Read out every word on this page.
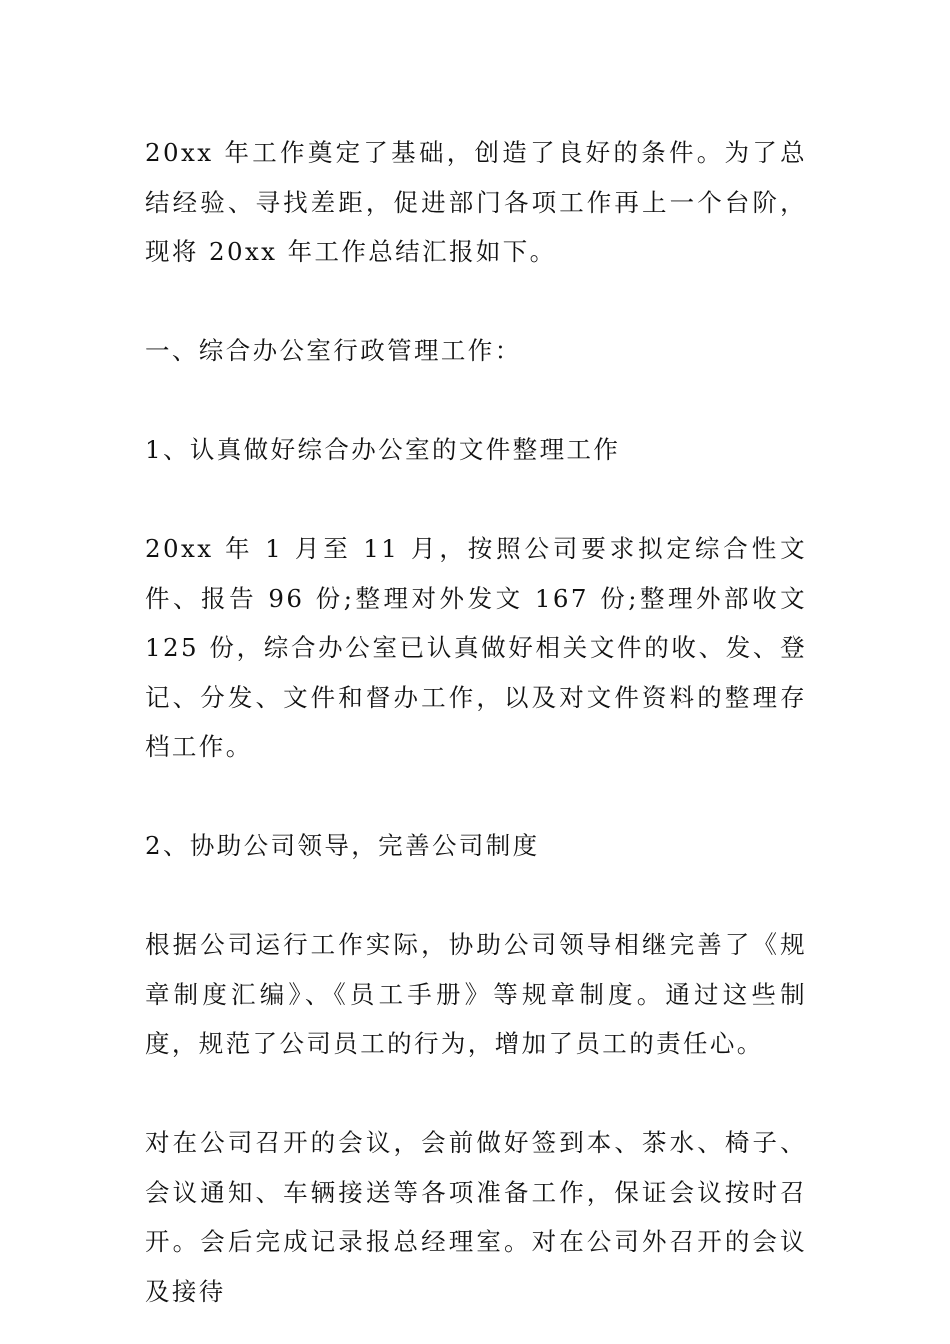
20xx 年工作奠定了基础，创造了良好的条件。为了总结经验、寻找差距，促进部门各项工作再上一个台阶，现将 20xx 年工作总结汇报如下。

一、综合办公室行政管理工作：

1、认真做好综合办公室的文件整理工作

20xx 年 1 月至 11 月，按照公司要求拟定综合性文件、报告 96 份;整理对外发文 167 份;整理外部收文 125 份，综合办公室已认真做好相关文件的收、发、登记、分发、文件和督办工作，以及对文件资料的整理存档工作。

2、协助公司领导，完善公司制度

根据公司运行工作实际，协助公司领导相继完善了《规章制度汇编》、《员工手册》等规章制度。通过这些制度，规范了公司员工的行为，增加了员工的责任心。

对在公司召开的会议，会前做好签到本、茶水、椅子、会议通知、车辆接送等各项准备工作，保证会议按时召开。会后完成记录报总经理室。对在公司外召开的会议及接待
